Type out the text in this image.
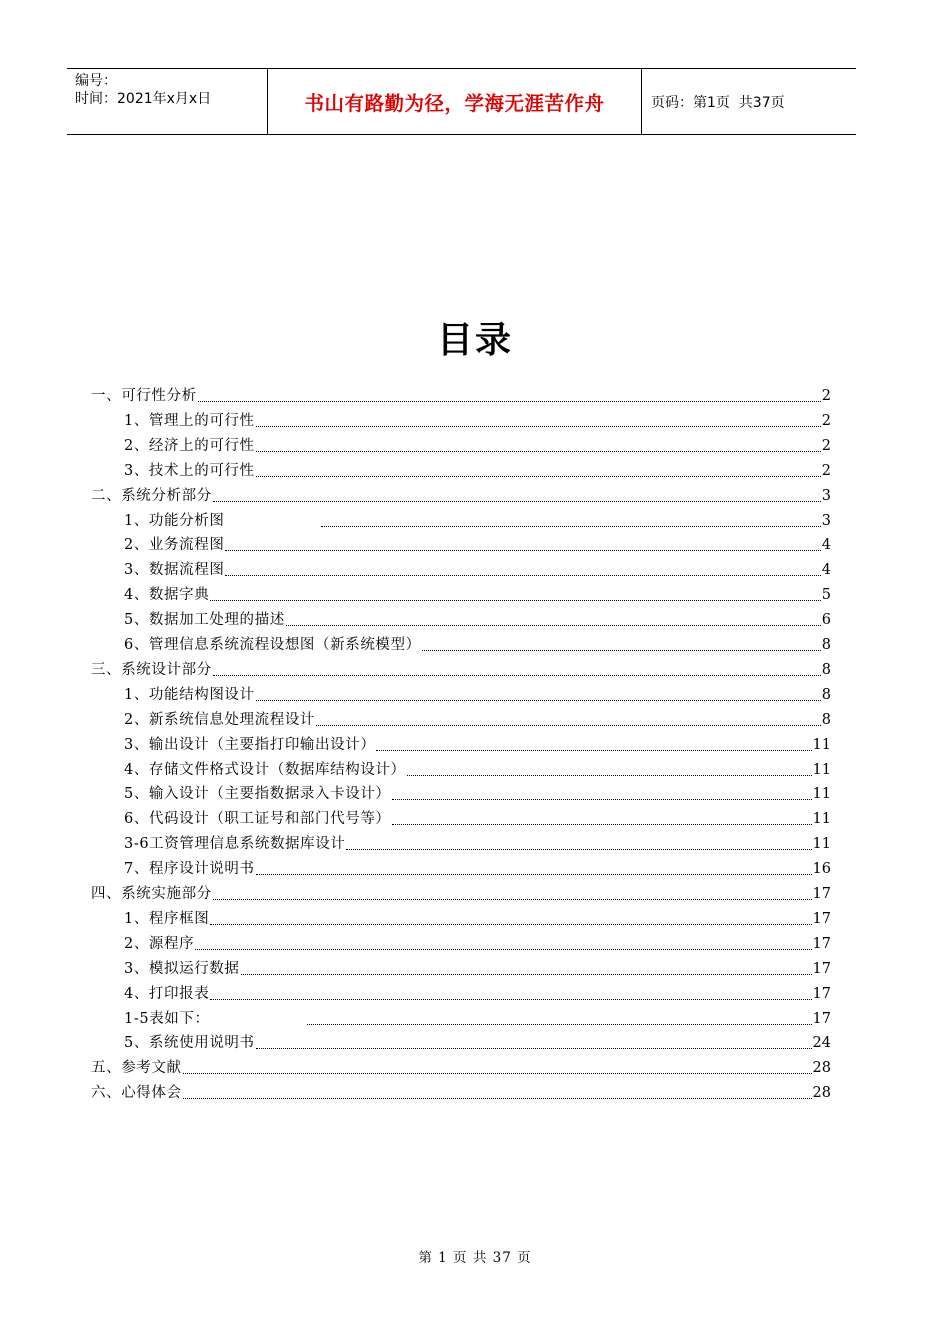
编号：
时间：2021年x月x日	书山有路勤为径，学海无涯苦作舟	页码：第1页  共37页
目录
一、可行性分析	2
1、管理上的可行性	2
2、经济上的可行性	2
3、技术上的可行性	2
二、系统分析部分	3
1、功能分析图	3
2、业务流程图	4
3、数据流程图	4
4、数据字典	5
5、数据加工处理的描述	6
6、管理信息系统流程设想图（新系统模型）	8
三、系统设计部分	8
1、功能结构图设计	8
2、新系统信息处理流程设计	8
3、输出设计（主要指打印输出设计）	11
4、存储文件格式设计（数据库结构设计）	11
5、输入设计（主要指数据录入卡设计）	11
6、代码设计（职工证号和部门代号等）	11
3-6工资管理信息系统数据库设计	11
7、程序设计说明书	16
四、系统实施部分	17
1、程序框图	17
2、源程序	17
3、模拟运行数据	17
4、打印报表	17
1-5表如下：	17
5、系统使用说明书	24
五、参考文献	28
六、心得体会	28
第 1 页 共 37 页
